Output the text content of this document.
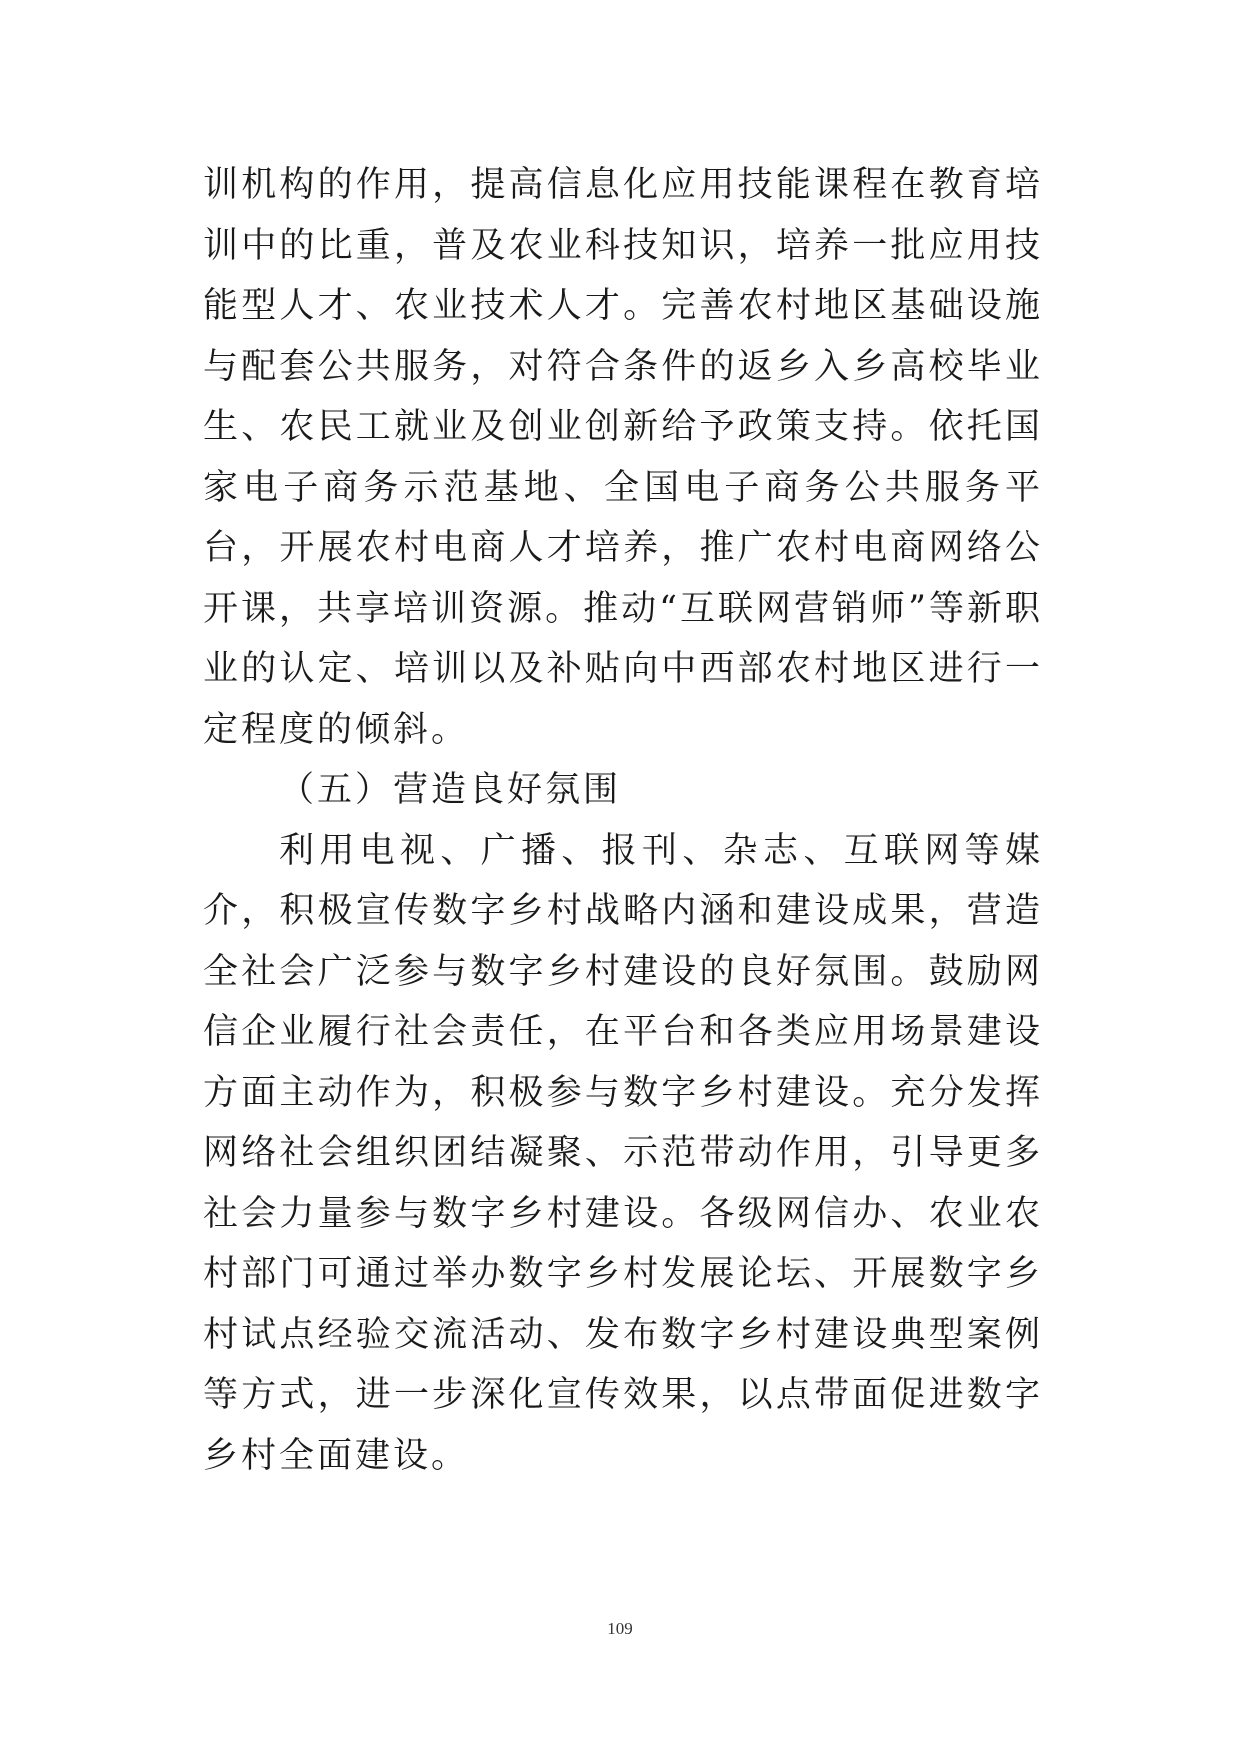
训机构的作用，提高信息化应用技能课程在教育培训中的比重，普及农业科技知识，培养一批应用技能型人才、农业技术人才。完善农村地区基础设施与配套公共服务，对符合条件的返乡入乡高校毕业生、农民工就业及创业创新给予政策支持。依托国家电子商务示范基地、全国电子商务公共服务平台，开展农村电商人才培养，推广农村电商网络公开课，共享培训资源。推动“互联网营销师”等新职业的认定、培训以及补贴向中西部农村地区进行一定程度的倾斜。

（五）营造良好氛围

利用电视、广播、报刊、杂志、互联网等媒介，积极宣传数字乡村战略内涵和建设成果，营造全社会广泛参与数字乡村建设的良好氛围。鼓励网信企业履行社会责任，在平台和各类应用场景建设方面主动作为，积极参与数字乡村建设。充分发挥网络社会组织团结凝聚、示范带动作用，引导更多社会力量参与数字乡村建设。各级网信办、农业农村部门可通过举办数字乡村发展论坛、开展数字乡村试点经验交流活动、发布数字乡村建设典型案例等方式，进一步深化宣传效果，以点带面促进数字乡村全面建设。

109
